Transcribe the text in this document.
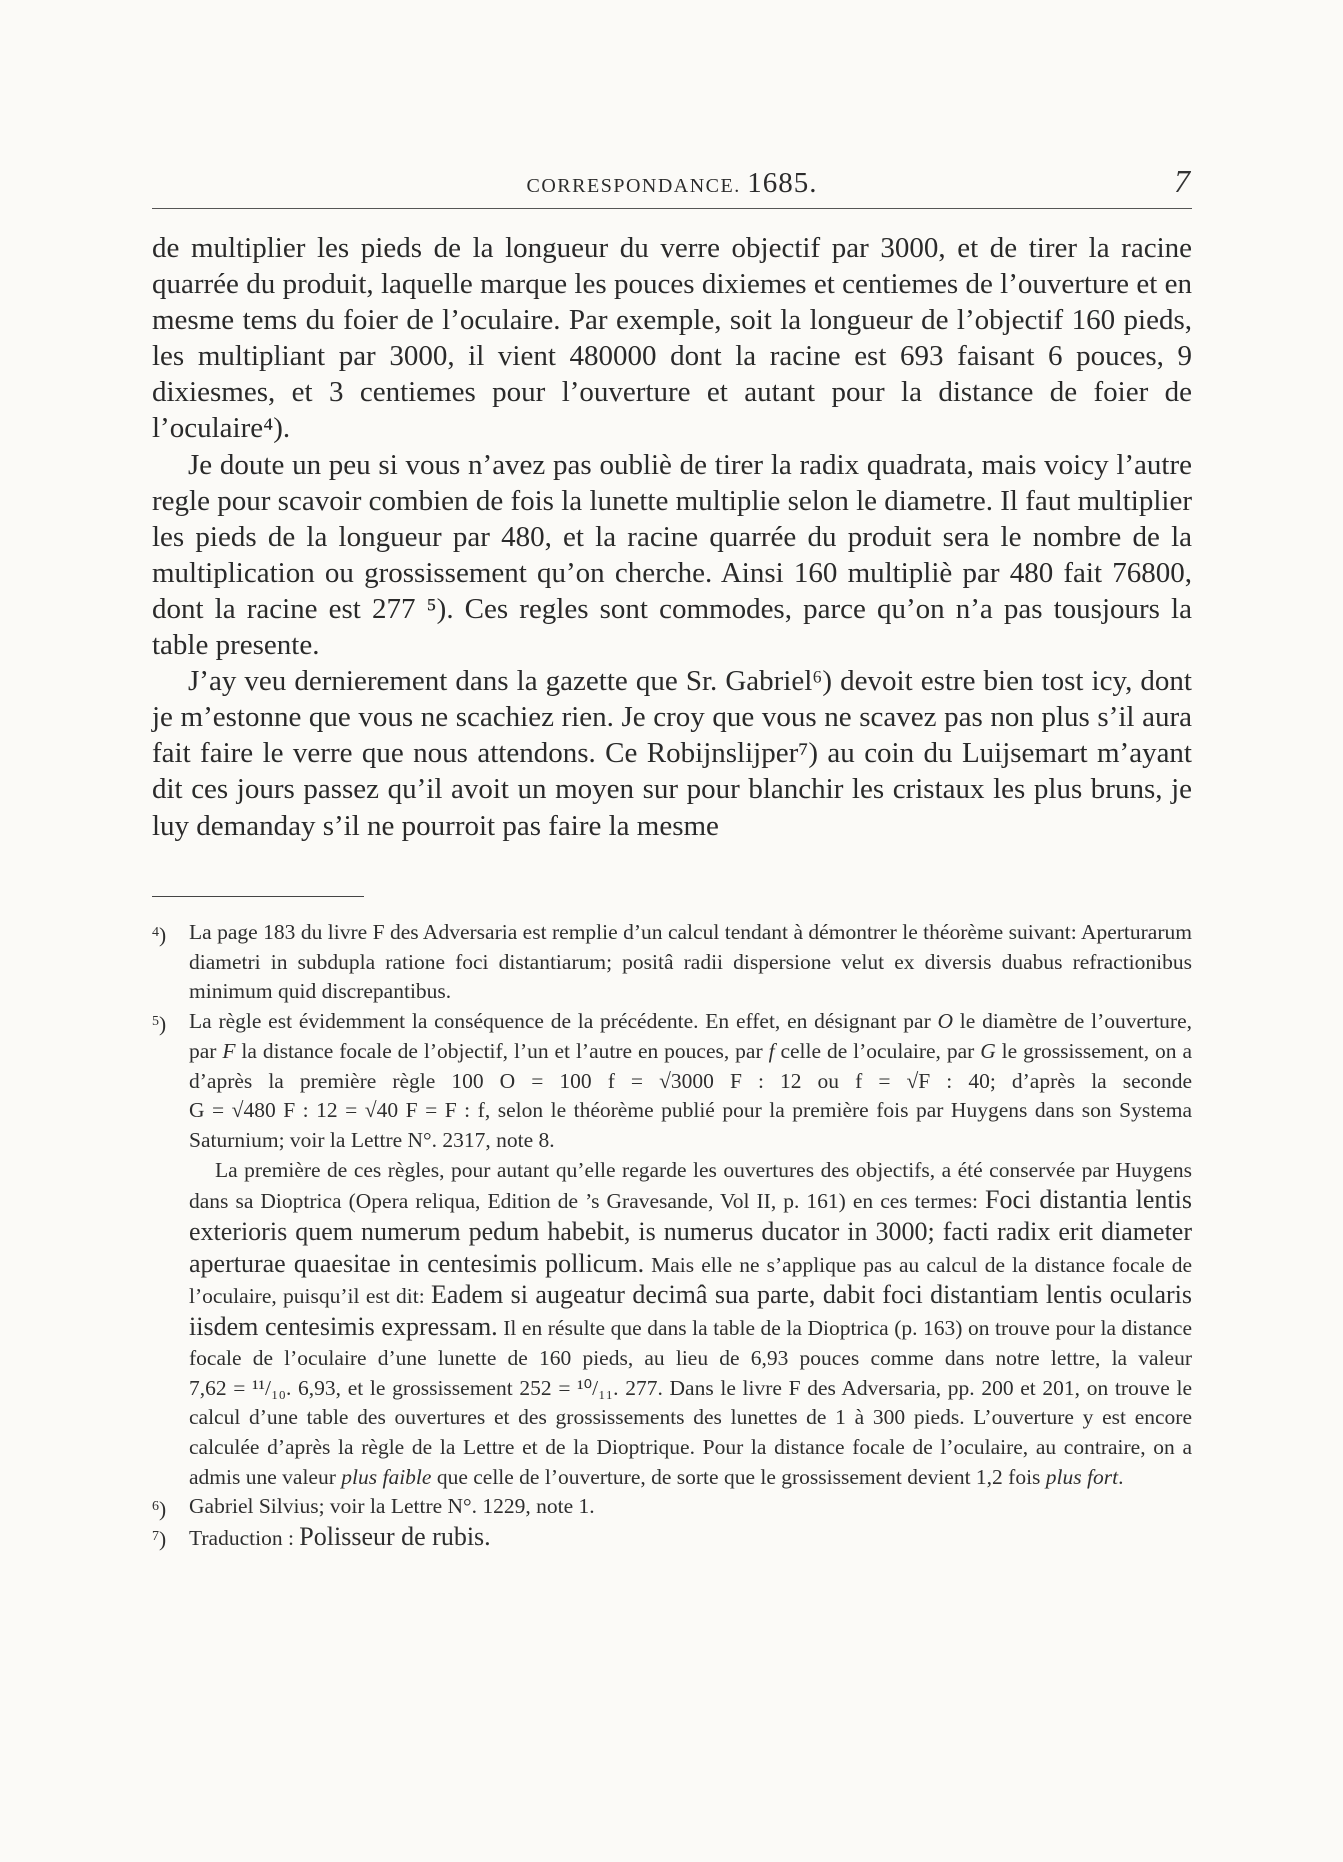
CORRESPONDANCE. 1685.	7

de multiplier les pieds de la longueur du verre objectif par 3000, et de tirer la racine quarrée du produit, laquelle marque les pouces dixiemes et centiemes de l’ouverture et en mesme tems du foier de l’oculaire. Par exemple, soit la longueur de l’objectif 160 pieds, les multipliant par 3000, il vient 480000 dont la racine est 693 faisant 6 pouces, 9 dixiesmes, et 3 centiemes pour l’ouverture et autant pour la distance de foier de l’oculaire⁴).

Je doute un peu si vous n’avez pas oubliè de tirer la radix quadrata, mais voicy l’autre regle pour scavoir combien de fois la lunette multiplie selon le diametre. Il faut multiplier les pieds de la longueur par 480, et la racine quarrée du produit sera le nombre de la multiplication ou grossissement qu’on cherche. Ainsi 160 multipliè par 480 fait 76800, dont la racine est 277 ⁵). Ces regles sont commodes, parce qu’on n’a pas tousjours la table presente.

J’ay veu dernierement dans la gazette que Sr. Gabriel⁶) devoit estre bien tost icy, dont je m’estonne que vous ne scachiez rien. Je croy que vous ne scavez pas non plus s’il aura fait faire le verre que nous attendons. Ce Robijnslijper⁷) au coin du Luijsemart m’ayant dit ces jours passez qu’il avoit un moyen sur pour blanchir les cristaux les plus bruns, je luy demanday s’il ne pourroit pas faire la mesme

$^4$) La page 183 du livre F des Adversaria est remplie d’un calcul tendant à démontrer le théorème suivant: Aperturarum diametri in subdupla ratione foci distantiarum; positâ radii dispersione velut ex diversis duabus refractionibus minimum quid discrepantibus.

$^5$) La règle est évidemment la conséquence de la précédente. En effet, en désignant par O le diamètre de l’ouverture, par F la distance focale de l’objectif, l’un et l’autre en pouces, par f celle de l’oculaire, par G le grossissement, on a d’après la première règle 100 O = 100 f = √3000 F : 12 ou f = √F : 40; d’après la seconde G = √480 F : 12 = √40 F = F : f, selon le théorème publié pour la première fois par Huygens dans son Systema Saturnium; voir la Lettre N°. 2317, note 8.

La première de ces règles, pour autant qu’elle regarde les ouvertures des objectifs, a été conservée par Huygens dans sa Dioptrica (Opera reliqua, Edition de ’s Gravesande, Vol II, p. 161) en ces termes: Foci distantia lentis exterioris quem numerum pedum habebit, is numerus ducator in 3000; facti radix erit diameter aperturae quaesitae in centesimis pollicum. Mais elle ne s’applique pas au calcul de la distance focale de l’oculaire, puisqu’il est dit: Eadem si augeatur decimâ sua parte, dabit foci distantiam lentis ocularis iisdem centesimis expressam. Il en résulte que dans la table de la Dioptrica (p. 163) on trouve pour la distance focale de l’oculaire d’une lunette de 160 pieds, au lieu de 6,93 pouces comme dans notre lettre, la valeur 7,62 = ¹¹/₁₀. 6,93, et le grossissement 252 = ¹⁰/₁₁. 277. Dans le livre F des Adversaria, pp. 200 et 201, on trouve le calcul d’une table des ouvertures et des grossissements des lunettes de 1 à 300 pieds. L’ouverture y est encore calculée d’après la règle de la Lettre et de la Dioptrique. Pour la distance focale de l’oculaire, au contraire, on a admis une valeur plus faible que celle de l’ouverture, de sorte que le grossissement devient 1,2 fois plus fort.

$^6$) Gabriel Silvius; voir la Lettre N°. 1229, note 1.

$^7$) Traduction : Polisseur de rubis.
